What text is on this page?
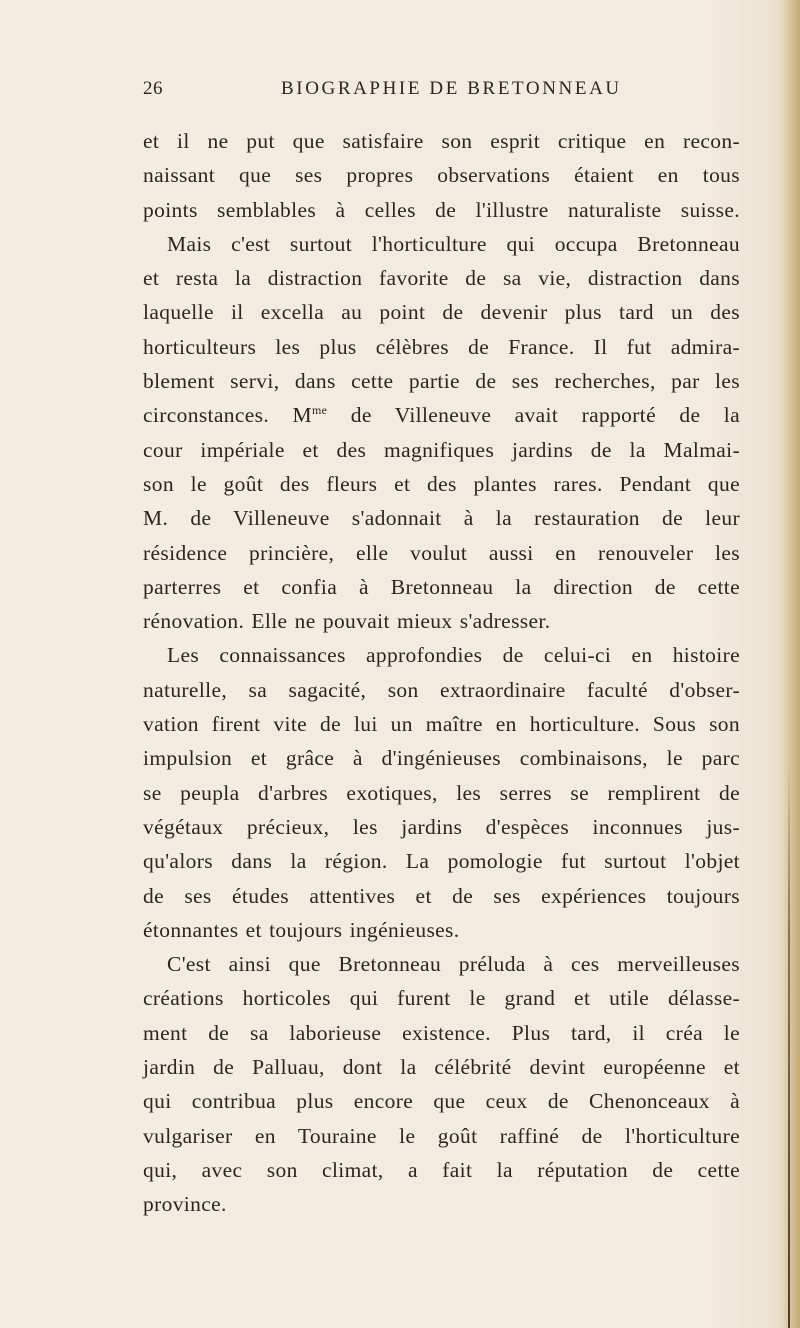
26	BIOGRAPHIE DE BRETONNEAU
et il ne put que satisfaire son esprit critique en recon-
naissant que ses propres observations étaient en tous
points semblables à celles de l'illustre naturaliste suisse.
Mais c'est surtout l'horticulture qui occupa Bretonneau
et resta la distraction favorite de sa vie, distraction dans
laquelle il excella au point de devenir plus tard un des
horticulteurs les plus célèbres de France. Il fut admira-
blement servi, dans cette partie de ses recherches, par les
circonstances. $M^{me}$ de Villeneuve avait rapporté de la
cour impériale et des magnifiques jardins de la Malmai-
son le goût des fleurs et des plantes rares. Pendant que
M. de Villeneuve s'adonnait à la restauration de leur
résidence princière, elle voulut aussi en renouveler les
parterres et confia à Bretonneau la direction de cette
rénovation. Elle ne pouvait mieux s'adresser.
Les connaissances approfondies de celui-ci en histoire
naturelle, sa sagacité, son extraordinaire faculté d'obser-
vation firent vite de lui un maître en horticulture. Sous son
impulsion et grâce à d'ingénieuses combinaisons, le parc
se peupla d'arbres exotiques, les serres se remplirent de
végétaux précieux, les jardins d'espèces inconnues jus-
qu'alors dans la région. La pomologie fut surtout l'objet
de ses études attentives et de ses expériences toujours
étonnantes et toujours ingénieuses.
C'est ainsi que Bretonneau préluda à ces merveilleuses
créations horticoles qui furent le grand et utile délasse-
ment de sa laborieuse existence. Plus tard, il créa le
jardin de Palluau, dont la célébrité devint européenne et
qui contribua plus encore que ceux de Chenonceaux à
vulgariser en Touraine le goût raffiné de l'horticulture
qui, avec son climat, a fait la réputation de cette
province.
